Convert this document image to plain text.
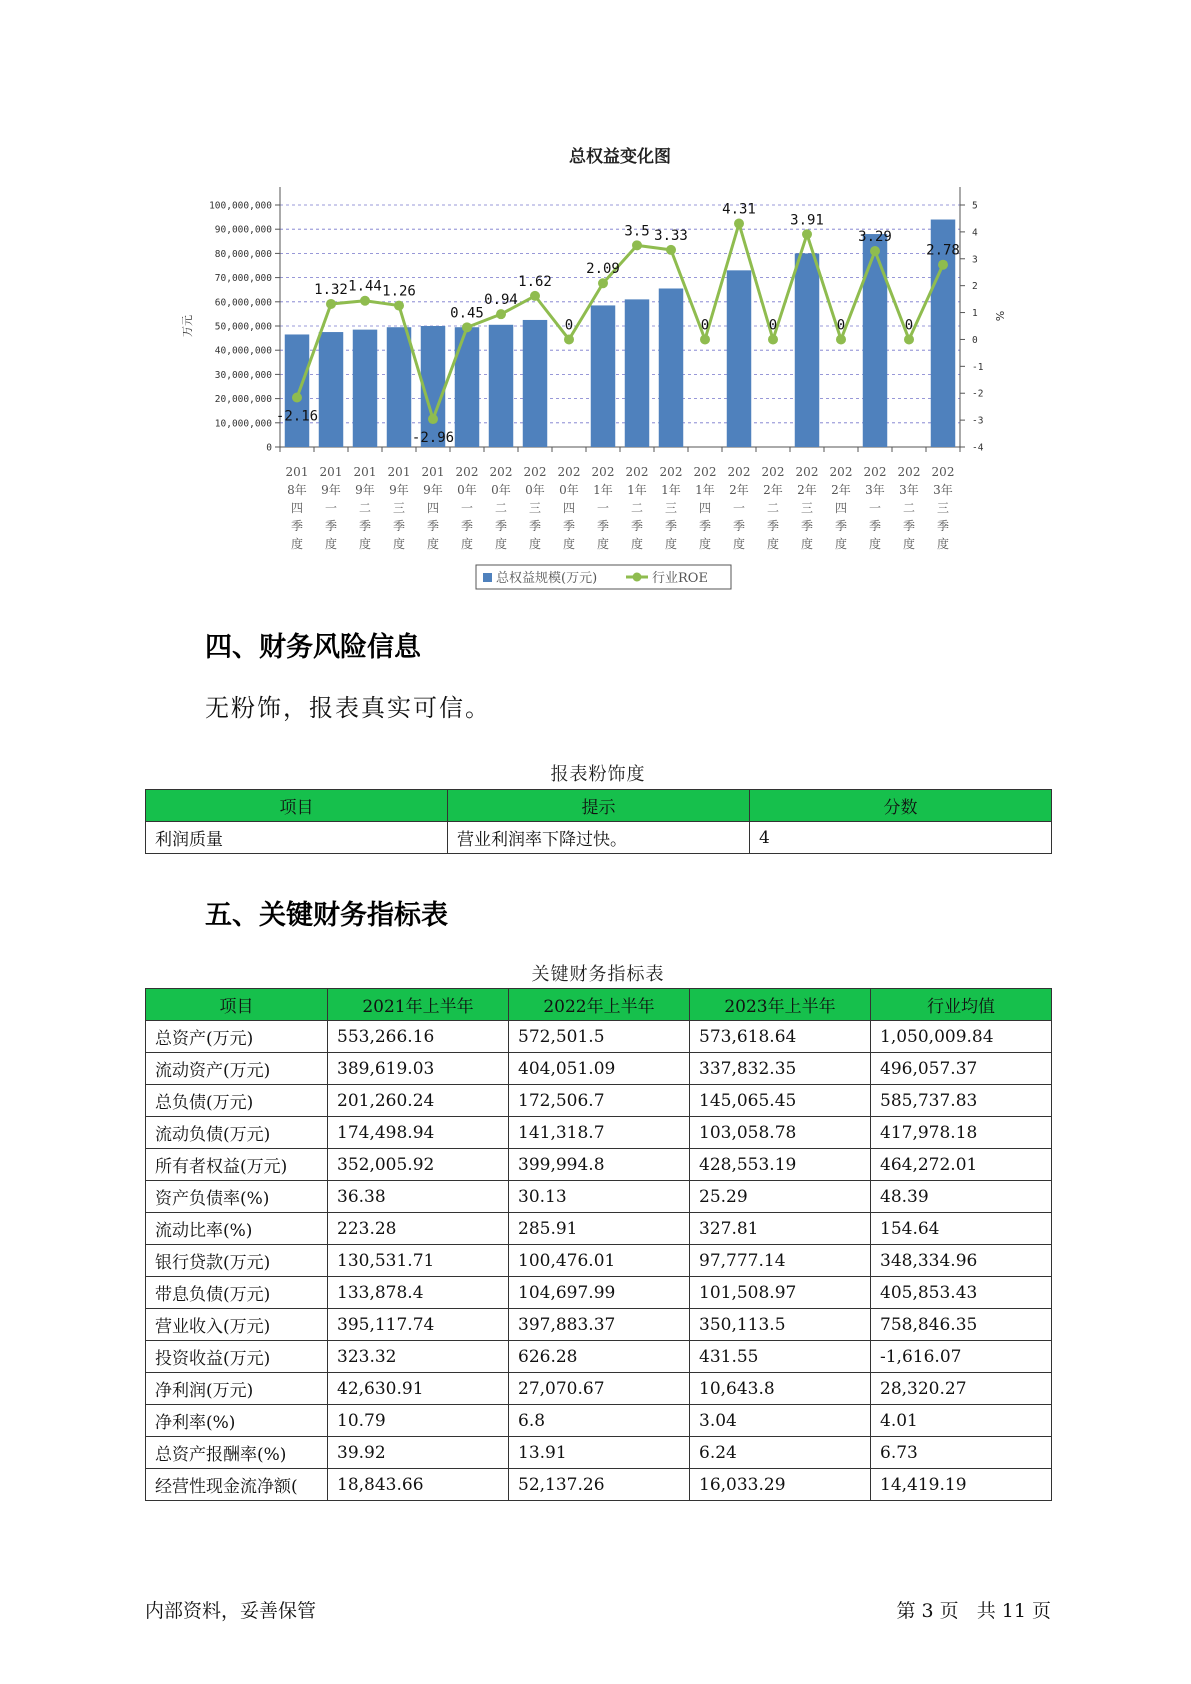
总权益变化图
0
10,000,000
20,000,000
30,000,000
40,000,000
50,000,000
60,000,000
70,000,000
80,000,000
90,000,000
100,000,000
-4
-3
-2
-1
0
1
2
3
4
5
万元	%
201
8年
四
季
度
201
9年
一
季
度
201
9年
二
季
度
201
9年
三
季
度
201
9年
四
季
度
202
0年
一
季
度
202
0年
二
季
度
202
0年
三
季
度
202
0年
四
季
度
202
1年
一
季
度
202
1年
二
季
度
202
1年
三
季
度
202
1年
四
季
度
202
2年
一
季
度
202
2年
二
季
度
202
2年
三
季
度
202
2年
四
季
度
202
3年
一
季
度
202
3年
二
季
度
202
3年
三
季
度
-2.16
1.32 1.44 1.26
-2.96
0.45
0.94
1.62
0
2.09
3.5 3.33
0
4.31
0
3.91
0
3.29
0
2.78
总权益规模(万元)	行业ROE
四、财务风险信息

无粉饰，报表真实可信。

报表粉饰度
项目	提示	分数
利润质量	营业利润率下降过快。	4
五、关键财务指标表
关键财务指标表
项目	2021年上半年	2022年上半年	2023年上半年	行业均值
总资产(万元)	553,266.16	572,501.5	573,618.64	1,050,009.84
流动资产(万元)	389,619.03	404,051.09	337,832.35	496,057.37
总负债(万元)	201,260.24	172,506.7	145,065.45	585,737.83
流动负债(万元)	174,498.94	141,318.7	103,058.78	417,978.18
所有者权益(万元)	352,005.92	399,994.8	428,553.19	464,272.01
资产负债率(%)	36.38	30.13	25.29	48.39
流动比率(%)	223.28	285.91	327.81	154.64
银行贷款(万元)	130,531.71	100,476.01	97,777.14	348,334.96
带息负债(万元)	133,878.4	104,697.99	101,508.97	405,853.43
营业收入(万元)	395,117.74	397,883.37	350,113.5	758,846.35
投资收益(万元)	323.32	626.28	431.55	-1,616.07
净利润(万元)	42,630.91	27,070.67	10,643.8	28,320.27
净利率(%)	10.79	6.8	3.04	4.01
总资产报酬率(%)	39.92	13.91	6.24	6.73
经营性现金流净额(	18,843.66	52,137.26	16,033.29	14,419.19
内部资料，妥善保管	第 3 页   共 11 页
